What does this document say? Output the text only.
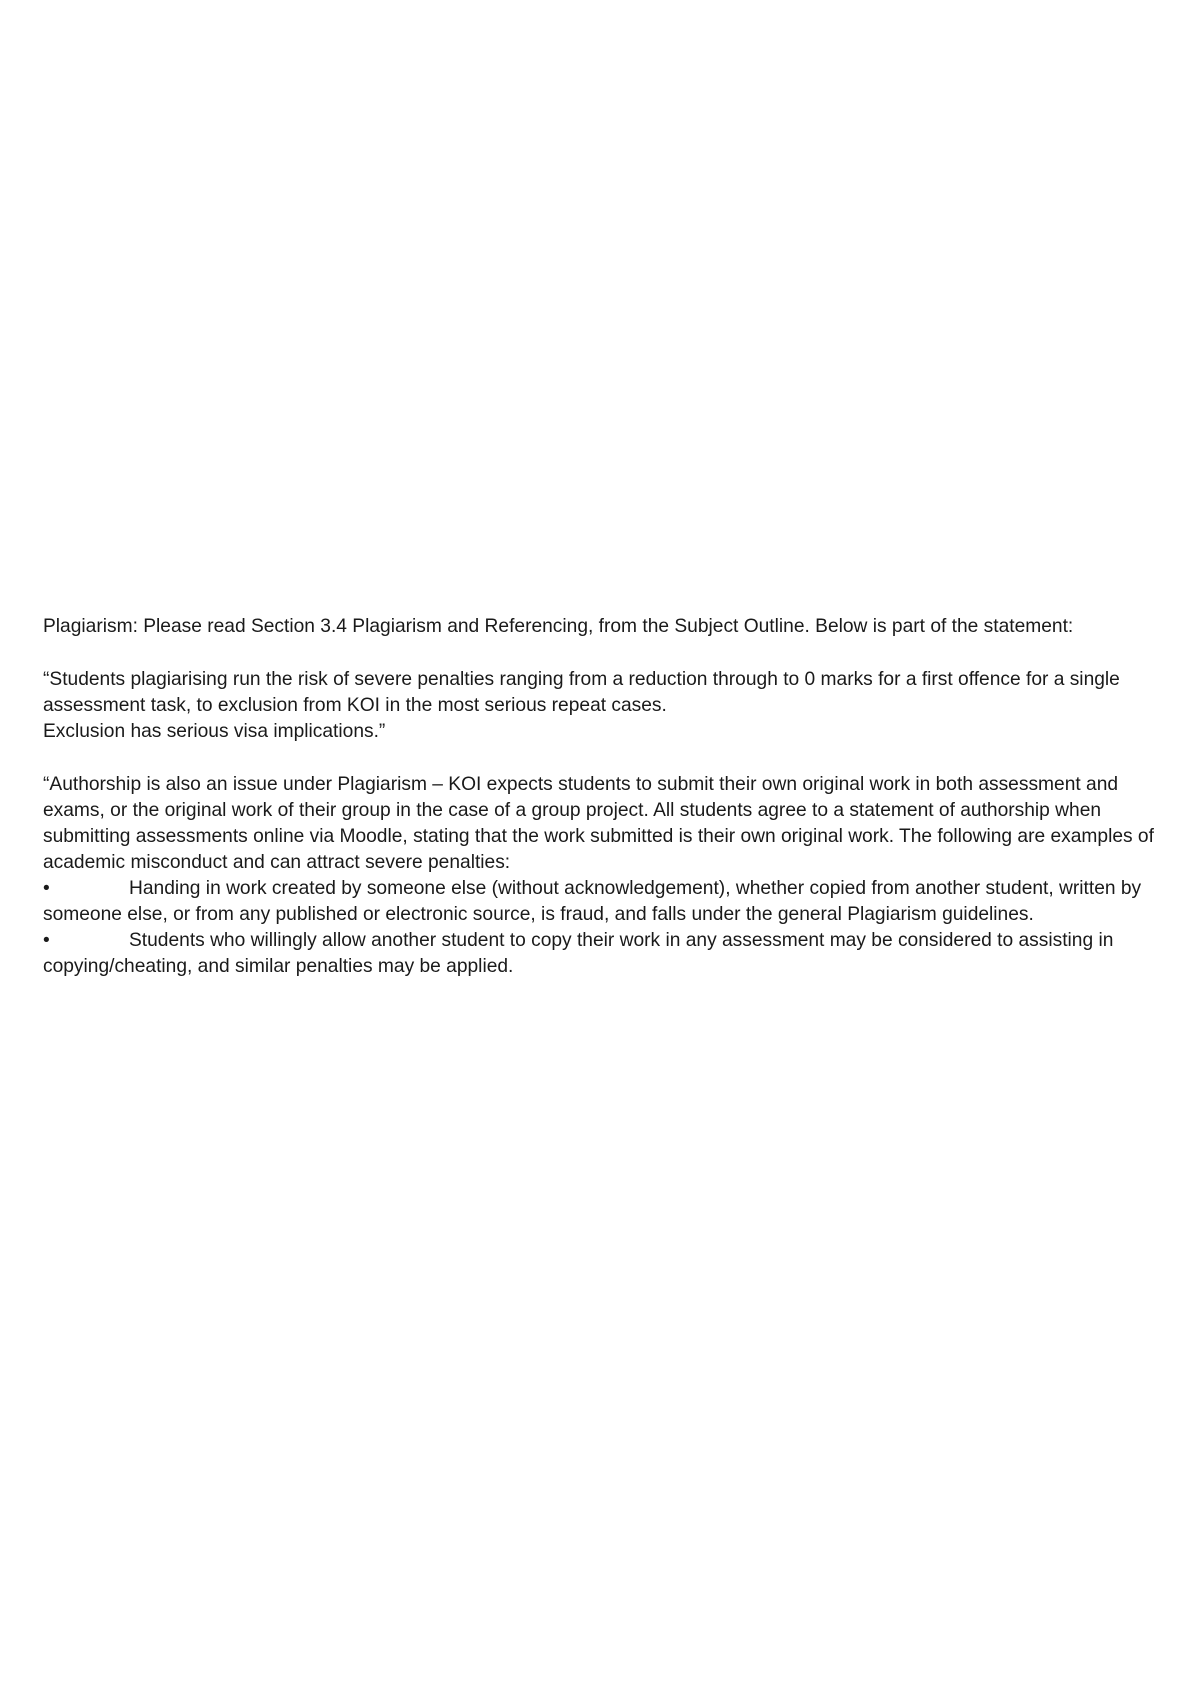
Plagiarism: Please read Section 3.4 Plagiarism and Referencing, from the Subject Outline. Below is part of the statement:

“Students plagiarising run the risk of severe penalties ranging from a reduction through to 0 marks for a first offence for a single assessment task, to exclusion from KOI in the most serious repeat cases.

Exclusion has serious visa implications.”

“Authorship is also an issue under Plagiarism – KOI expects students to submit their own original work in both assessment and exams, or the original work of their group in the case of a group project. All students agree to a statement of authorship when submitting assessments online via Moodle, stating that the work submitted is their own original work. The following are examples of academic misconduct and can attract severe penalties:

•	Handing in work created by someone else (without acknowledgement), whether copied from another student, written by someone else, or from any published or electronic source, is fraud, and falls under the general Plagiarism guidelines.

•	Students who willingly allow another student to copy their work in any assessment may be considered to assisting in copying/cheating, and similar penalties may be applied.
